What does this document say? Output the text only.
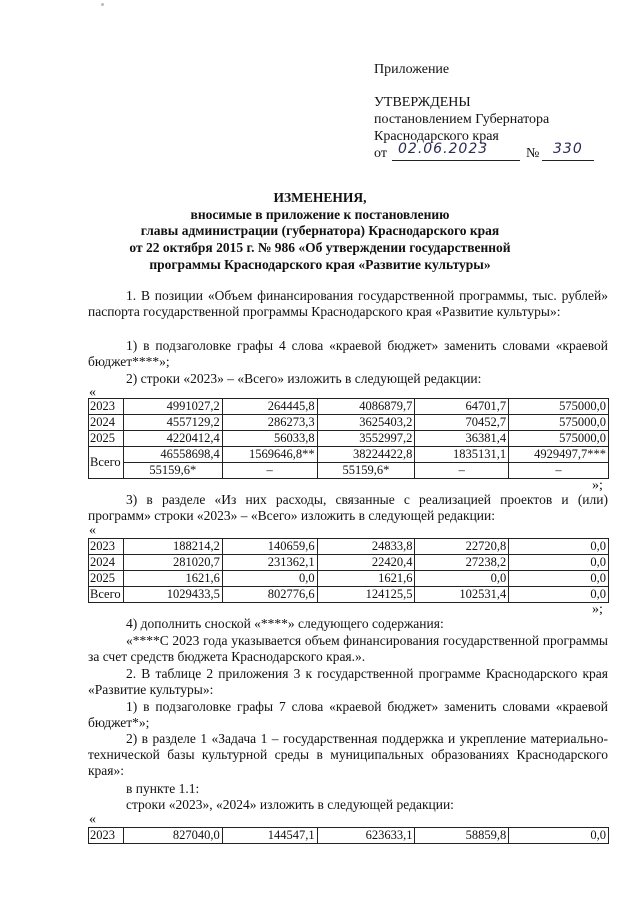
Приложение
УТВЕРЖДЕНЫ
постановлением Губернатора
Краснодарского края
от 02.06.2023	№ 330
ИЗМЕНЕНИЯ,
вносимые в приложение к постановлению
главы администрации (губернатора) Краснодарского края
от 22 октября 2015 г. № 986 «Об утверждении государственной
программы Краснодарского края «Развитие культуры»
1. В позиции «Объем финансирования государственной программы, тыс. рублей» паспорта государственной программы Краснодарского края «Развитие культуры»:
1) в подзаголовке графы 4 слова «краевой бюджет» заменить словами «краевой бюджет****»;
2) строки «2023» – «Всего» изложить в следующей редакции:
«
2023	4991027,2	264445,8	4086879,7	64701,7	575000,0
2024	4557129,2	286273,3	3625403,2	70452,7	575000,0
2025	4220412,4	56033,8	3552997,2	36381,4	575000,0
Всего	46558698,4	1569646,8**	38224422,8	1835131,1	4929497,7***
	55159,6*	–	55159,6*	–	–
»;
3) в разделе «Из них расходы, связанные с реализацией проектов и (или) программ» строки «2023» – «Всего» изложить в следующей редакции:
«
2023	188214,2	140659,6	24833,8	22720,8	0,0
2024	281020,7	231362,1	22420,4	27238,2	0,0
2025	1621,6	0,0	1621,6	0,0	0,0
Всего	1029433,5	802776,6	124125,5	102531,4	0,0
»;
4) дополнить сноской «****» следующего содержания:
«****С 2023 года указывается объем финансирования государственной программы за счет средств бюджета Краснодарского края.».
2. В таблице 2 приложения 3 к государственной программе Краснодарского края «Развитие культуры»:
1) в подзаголовке графы 7 слова «краевой бюджет» заменить словами «краевой бюджет*»;
2) в разделе 1 «Задача 1 – государственная поддержка и укрепление материально-технической базы культурной среды в муниципальных образованиях Краснодарского края»:
в пункте 1.1:
строки «2023», «2024» изложить в следующей редакции:
«
2023	827040,0	144547,1	623633,1	58859,8	0,0
